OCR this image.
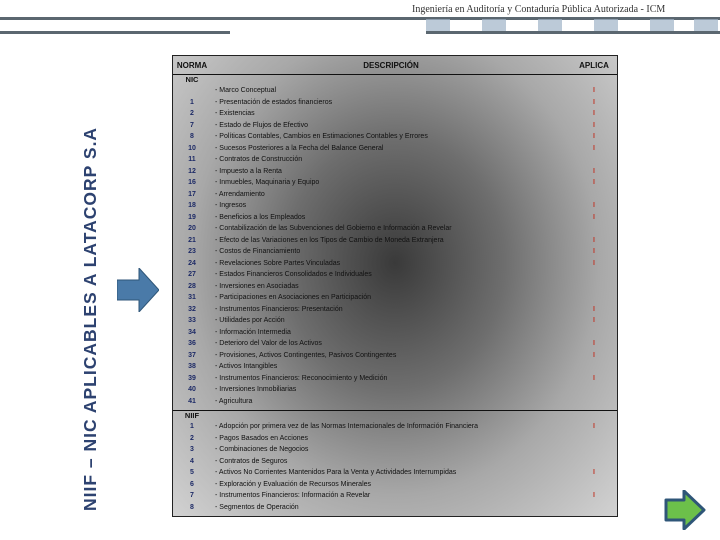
Ingeniería en Auditoría y Contaduría Pública Autorizada - ICM
NIIF – NIC APLICABLES A LATACORP S.A
NORMA	DESCRIPCIÓN	APLICA
NIC
- Marco Conceptual	I
1	- Presentación de estados financieros	I
2	- Existencias	I
7	- Estado de Flujos de Efectivo	I
8	- Políticas Contables, Cambios en Estimaciones Contables y Errores	I
10	- Sucesos Posteriores a la Fecha del Balance General	I
11	- Contratos de Construcción
12	- Impuesto a la Renta	I
16	- Inmuebles, Maquinaria y Equipo	I
17	- Arrendamiento
18	- Ingresos	I
19	- Beneficios a los Empleados	I
20	- Contabilización de las Subvenciones del Gobierno e Información a Revelar
21	- Efecto de las Variaciones en los Tipos de Cambio de Moneda Extranjera	I
23	- Costos de Financiamiento	I
24	- Revelaciones Sobre Partes Vinculadas	I
27	- Estados Financieros Consolidados e Individuales
28	- Inversiones en Asociadas
31	- Participaciones en Asociaciones en Participación
32	- Instrumentos Financieros: Presentación	I
33	- Utilidades por Acción	I
34	- Información Intermedia
36	- Deterioro del Valor de los Activos	I
37	- Provisiones, Activos Contingentes, Pasivos Contingentes	I
38	- Activos Intangibles
39	- Instrumentos Financieros: Reconocimiento y Medición	I
40	- Inversiones Inmobiliarias
41	- Agricultura
NIIF
1	- Adopción por primera vez de las Normas Internacionales de Información Financiera	I
2	- Pagos Basados en Acciones
3	- Combinaciones de Negocios
4	- Contratos de Seguros
5	- Activos No Corrientes Mantenidos Para la Venta y Actividades Interrumpidas	I
6	- Exploración y Evaluación de Recursos Minerales
7	- Instrumentos Financieros: Información a Revelar	I
8	- Segmentos de Operación
